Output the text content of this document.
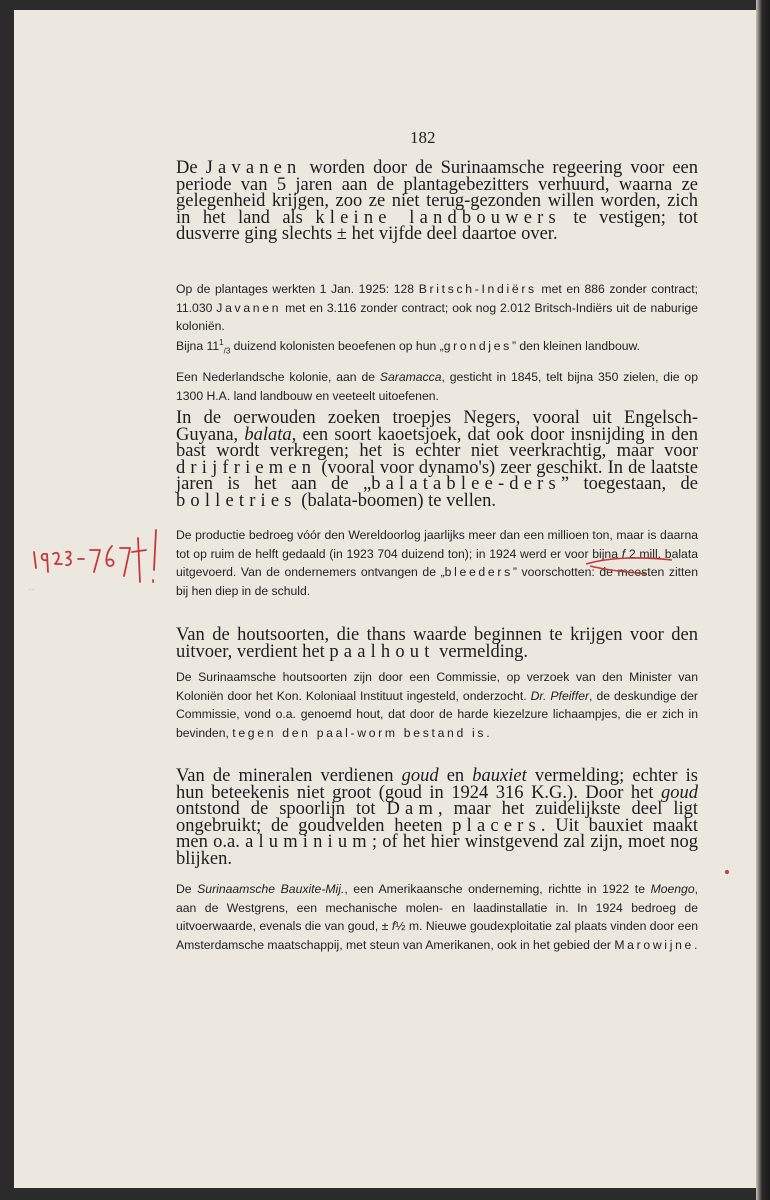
182

De Javanen worden door de Surinaamsche regeering voor een periode van 5 jaren aan de plantagebezitters verhuurd, waarna ze gelegenheid krijgen, zoo ze niet terug-gezonden willen worden, zich in het land als kleine landbouwers te vestigen; tot dusverre ging slechts ± het vijfde deel daartoe over.

Op de plantages werkten 1 Jan. 1925: 128 Britsch-Indiërs met en 886 zonder contract; 11.030 Javanen met en 3.116 zonder contract; ook nog 2.012 Britsch-Indiërs uit de naburige koloniën.

Bijna $11^1_{/3}$ duizend kolonisten beoefenen op hun „grondjes” den kleinen landbouw.

Een Nederlandsche kolonie, aan de Saramacca, gesticht in 1845, telt bijna 350 zielen, die op 1300 H.A. land landbouw en veeteelt uitoefenen.

In de oerwouden zoeken troepjes Negers, vooral uit Engelsch-Guyana, balata, een soort kaoetsjoek, dat ook door insnijding in den bast wordt verkregen; het is echter niet veerkrachtig, maar voor drijfriemen (vooral voor dynamo's) zeer geschikt. In de laatste jaren is het aan de „balatablee-ders” toegestaan, de bolletries (balata-boomen) te vellen.

De productie bedroeg vóór den Wereldoorlog jaarlijks meer dan een millioen ton, maar is daarna tot op ruim de helft gedaald (in 1923 704 duizend ton); in 1924 werd er voor bijna f 2 mill. balata uitgevoerd. Van de ondernemers ontvangen de „bleeders” voorschotten: de meesten zitten bij hen diep in de schuld.

Van de houtsoorten, die thans waarde beginnen te krijgen voor den uitvoer, verdient het paalhout vermelding.

De Surinaamsche houtsoorten zijn door een Commissie, op verzoek van den Minister van Koloniën door het Kon. Koloniaal Instituut ingesteld, onderzocht. Dr. Pfeiffer, de deskundige der Commissie, vond o.a. genoemd hout, dat door de harde kiezelzure lichaampjes, die er zich in bevinden, tegen den paal-worm bestand is.

Van de mineralen verdienen goud en bauxiet vermelding; echter is hun beteekenis niet groot (goud in 1924 316 K.G.). Door het goud ontstond de spoorlijn tot Dam, maar het zuidelijkste deel ligt ongebruikt; de goudvelden heeten placers. Uit bauxiet maakt men o.a. aluminium; of het hier winstgevend zal zijn, moet nog blijken.

De Surinaamsche Bauxite-Mij., een Amerikaansche onderneming, richtte in 1922 te Moengo, aan de Westgrens, een mechanische molen- en laadinstallatie in. In 1924 bedroeg de uitvoerwaarde, evenals die van goud, ± f½ m. Nieuwe goudexploitatie zal plaats vinden door een Amsterdamsche maatschappij, met steun van Amerikanen, ook in het gebied der Marowijne.

1923 - 767 t!
